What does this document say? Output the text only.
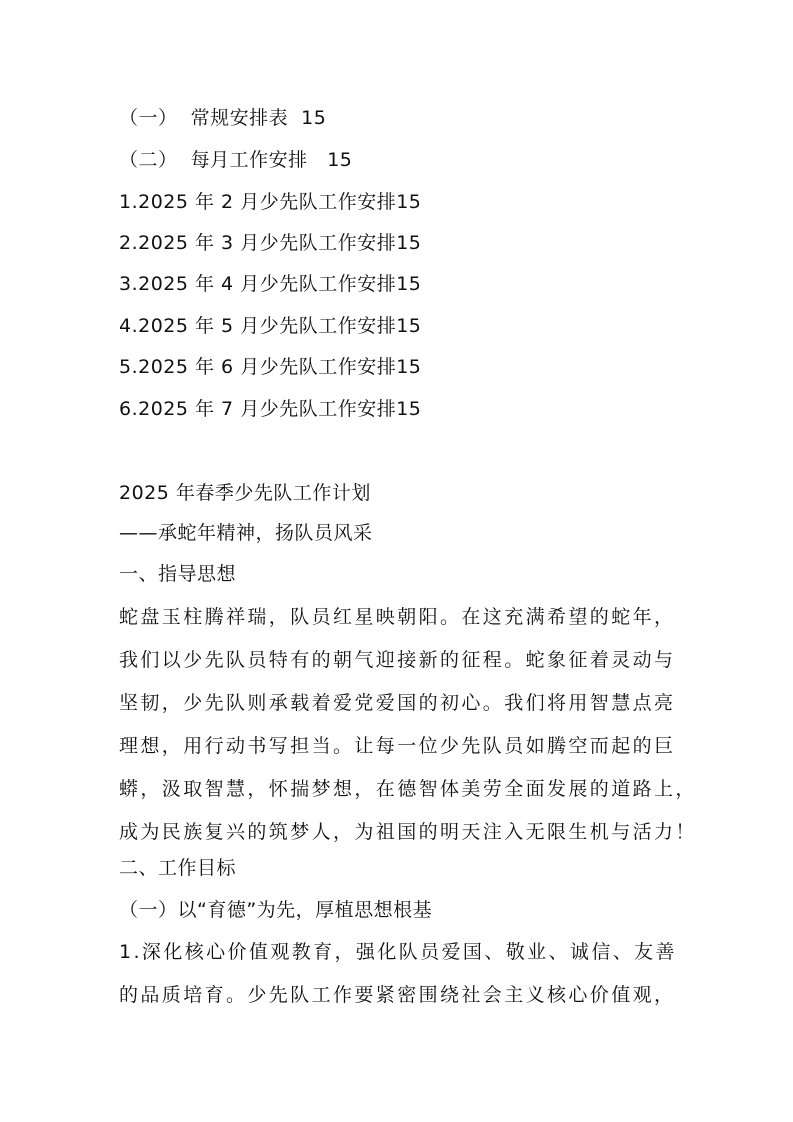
（一）  常规安排表  15
（二）  每月工作安排   15
1.2025 年 2 月少先队工作安排15
2.2025 年 3 月少先队工作安排15
3.2025 年 4 月少先队工作安排15
4.2025 年 5 月少先队工作安排15
5.2025 年 6 月少先队工作安排15
6.2025 年 7 月少先队工作安排15
2025 年春季少先队工作计划
——承蛇年精神，扬队员风采
一、指导思想
蛇盘玉柱腾祥瑞，队员红星映朝阳。在这充满希望的蛇年，
我们以少先队员特有的朝气迎接新的征程。蛇象征着灵动与
坚韧，少先队则承载着爱党爱国的初心。我们将用智慧点亮
理想，用行动书写担当。让每一位少先队员如腾空而起的巨
蟒，汲取智慧，怀揣梦想，在德智体美劳全面发展的道路上，
成为民族复兴的筑梦人，为祖国的明天注入无限生机与活力！
二、工作目标
（一）以“育德”为先，厚植思想根基
1.深化核心价值观教育，强化队员爱国、敬业、诚信、友善
的品质培育。少先队工作要紧密围绕社会主义核心价值观，
